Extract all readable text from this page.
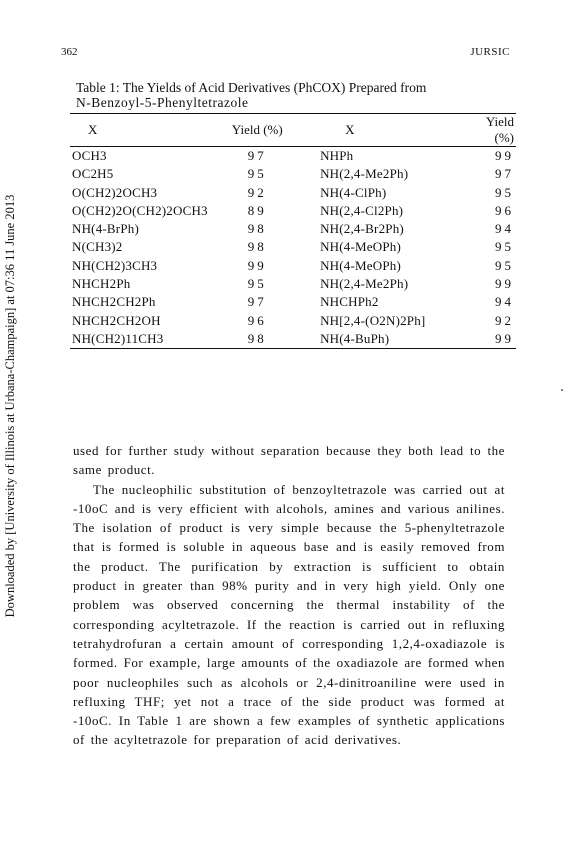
362	JURSIC
Downloaded by [University of Illinois at Urbana-Champaign] at 07:36 11 June 2013
Table 1: The Yields of Acid Derivatives (PhCOX) Prepared from
N-Benzoyl-5-Phenyltetrazole
X	Yield (%)	X	Yield (%)
OCH3	97	NHPh	99
OC2H5	95	NH(2,4-Me2Ph)	97
O(CH2)2OCH3	92	NH(4-ClPh)	95
O(CH2)2O(CH2)2OCH3	89	NH(2,4-Cl2Ph)	96
NH(4-BrPh)	98	NH(2,4-Br2Ph)	94
N(CH3)2	98	NH(4-MeOPh)	95
NH(CH2)3CH3	99	NH(4-MeOPh)	95
NHCH2Ph	95	NH(2,4-Me2Ph)	99
NHCH2CH2Ph	97	NHCHPh2	94
NHCH2CH2OH	96	NH[2,4-(O2N)2Ph]	92
NH(CH2)11CH3	98	NH(4-BuPh)	99

used for further study without separation because they both lead to the same product.

The nucleophilic substitution of benzoyltetrazole was carried out at -10oC and is very efficient with alcohols, amines and various anilines. The isolation of product is very simple because the 5-phenyltetrazole that is formed is soluble in aqueous base and is easily removed from the product. The purification by extraction is sufficient to obtain product in greater than 98% purity and in very high yield. Only one problem was observed concerning the thermal instability of the corresponding acyltetrazole. If the reaction is carried out in refluxing tetrahydrofuran a certain amount of corresponding 1,2,4-oxadiazole is formed. For example, large amounts of the oxadiazole are formed when poor nucleophiles such as alcohols or 2,4-dinitroaniline were used in refluxing THF; yet not a trace of the side product was formed at -10oC. In Table 1 are shown a few examples of synthetic applications of the acyltetrazole for preparation of acid derivatives.
